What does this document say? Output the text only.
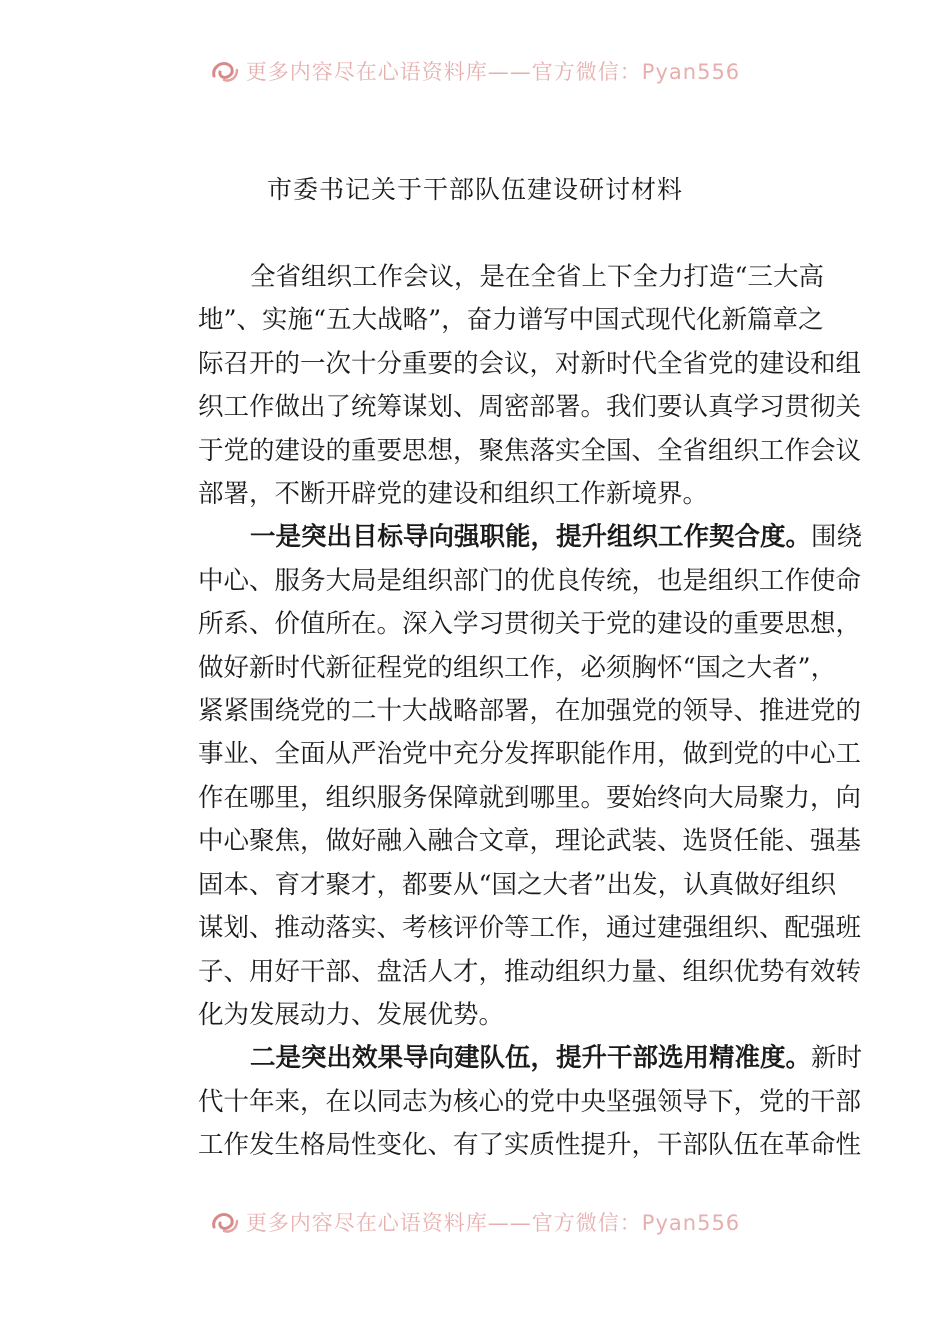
更多内容尽在心语资料库——官方微信：Pyan556
市委书记关于干部队伍建设研讨材料
全省组织工作会议，是在全省上下全力打造“三大高
地”、实施“五大战略”，奋力谱写中国式现代化新篇章之
际召开的一次十分重要的会议，对新时代全省党的建设和组
织工作做出了统筹谋划、周密部署。我们要认真学习贯彻关
于党的建设的重要思想，聚焦落实全国、全省组织工作会议
部署，不断开辟党的建设和组织工作新境界。
一是突出目标导向强职能，提升组织工作契合度。围绕
中心、服务大局是组织部门的优良传统，也是组织工作使命
所系、价值所在。深入学习贯彻关于党的建设的重要思想，
做好新时代新征程党的组织工作，必须胸怀“国之大者”，
紧紧围绕党的二十大战略部署，在加强党的领导、推进党的
事业、全面从严治党中充分发挥职能作用，做到党的中心工
作在哪里，组织服务保障就到哪里。要始终向大局聚力，向
中心聚焦，做好融入融合文章，理论武装、选贤任能、强基
固本、育才聚才，都要从“国之大者”出发，认真做好组织
谋划、推动落实、考核评价等工作，通过建强组织、配强班
子、用好干部、盘活人才，推动组织力量、组织优势有效转
化为发展动力、发展优势。
二是突出效果导向建队伍，提升干部选用精准度。新时
代十年来，在以同志为核心的党中央坚强领导下，党的干部
工作发生格局性变化、有了实质性提升，干部队伍在革命性
更多内容尽在心语资料库——官方微信：Pyan556
